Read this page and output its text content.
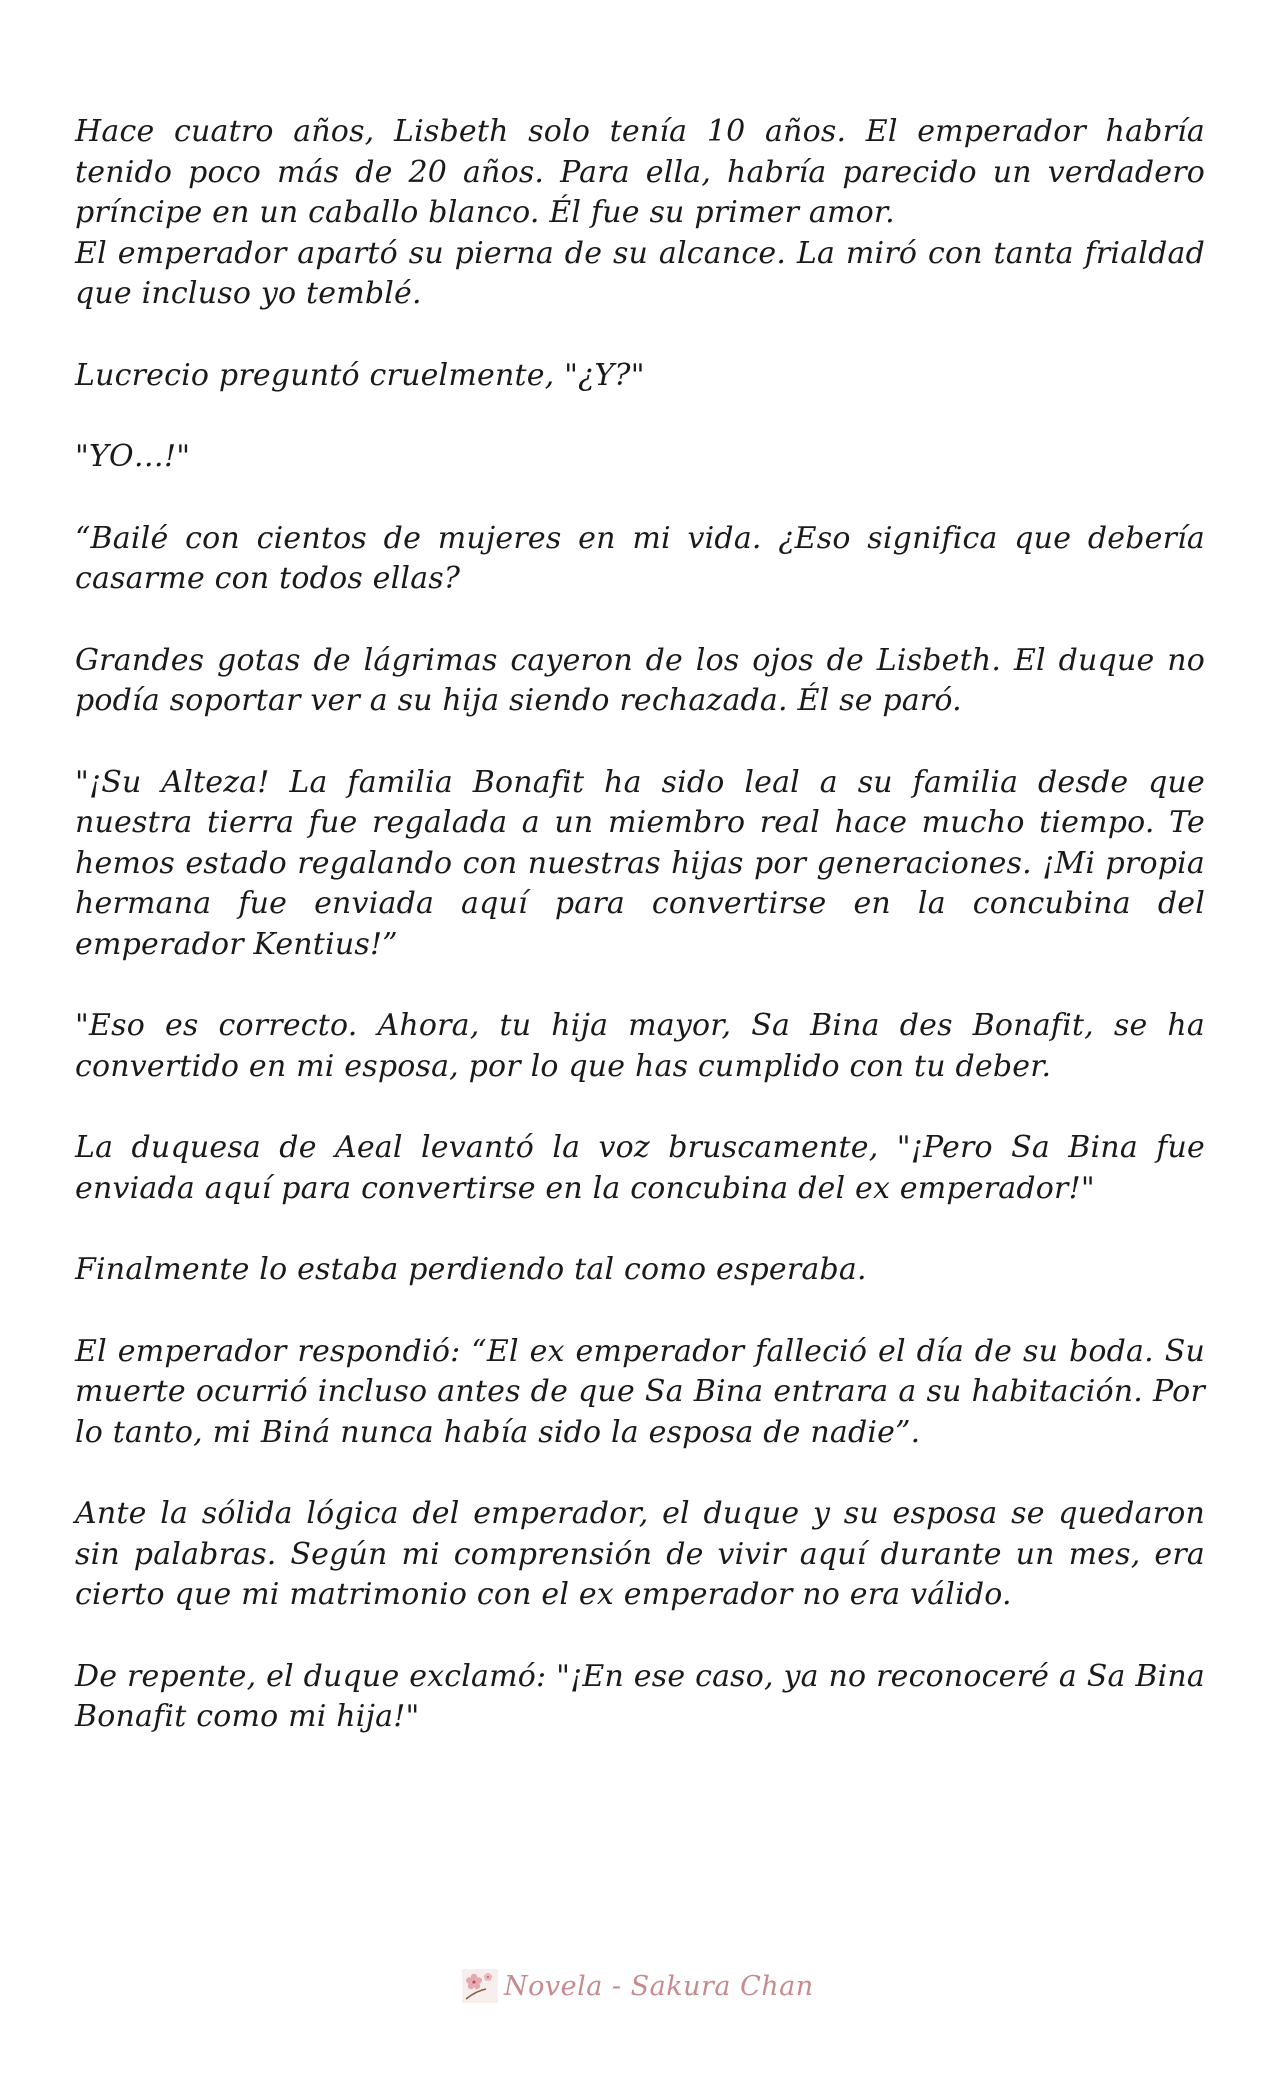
Hace cuatro años, Lisbeth solo tenía 10 años. El emperador habría tenido poco más de 20 años. Para ella, habría parecido un verdadero príncipe en un caballo blanco. Él fue su primer amor.

El emperador apartó su pierna de su alcance. La miró con tanta frialdad que incluso yo temblé.

Lucrecio preguntó cruelmente, "¿Y?"

"YO…!"

“Bailé con cientos de mujeres en mi vida. ¿Eso significa que debería casarme con todos ellas?

Grandes gotas de lágrimas cayeron de los ojos de Lisbeth. El duque no podía soportar ver a su hija siendo rechazada. Él se paró.

"¡Su Alteza! La familia Bonafit ha sido leal a su familia desde que nuestra tierra fue regalada a un miembro real hace mucho tiempo. Te hemos estado regalando con nuestras hijas por generaciones. ¡Mi propia hermana fue enviada aquí para convertirse en la concubina del emperador Kentius!”

"Eso es correcto. Ahora, tu hija mayor, Sa Bina des Bonafit, se ha convertido en mi esposa, por lo que has cumplido con tu deber.

La duquesa de Aeal levantó la voz bruscamente, "¡Pero Sa Bina fue enviada aquí para convertirse en la concubina del ex emperador!"

Finalmente lo estaba perdiendo tal como esperaba.

El emperador respondió: “El ex emperador falleció el día de su boda. Su muerte ocurrió incluso antes de que Sa Bina entrara a su habitación. Por lo tanto, mi Biná nunca había sido la esposa de nadie”.

Ante la sólida lógica del emperador, el duque y su esposa se quedaron sin palabras. Según mi comprensión de vivir aquí durante un mes, era cierto que mi matrimonio con el ex emperador no era válido.

De repente, el duque exclamó: "¡En ese caso, ya no reconoceré a Sa Bina Bonafit como mi hija!"

Novela - Sakura Chan
